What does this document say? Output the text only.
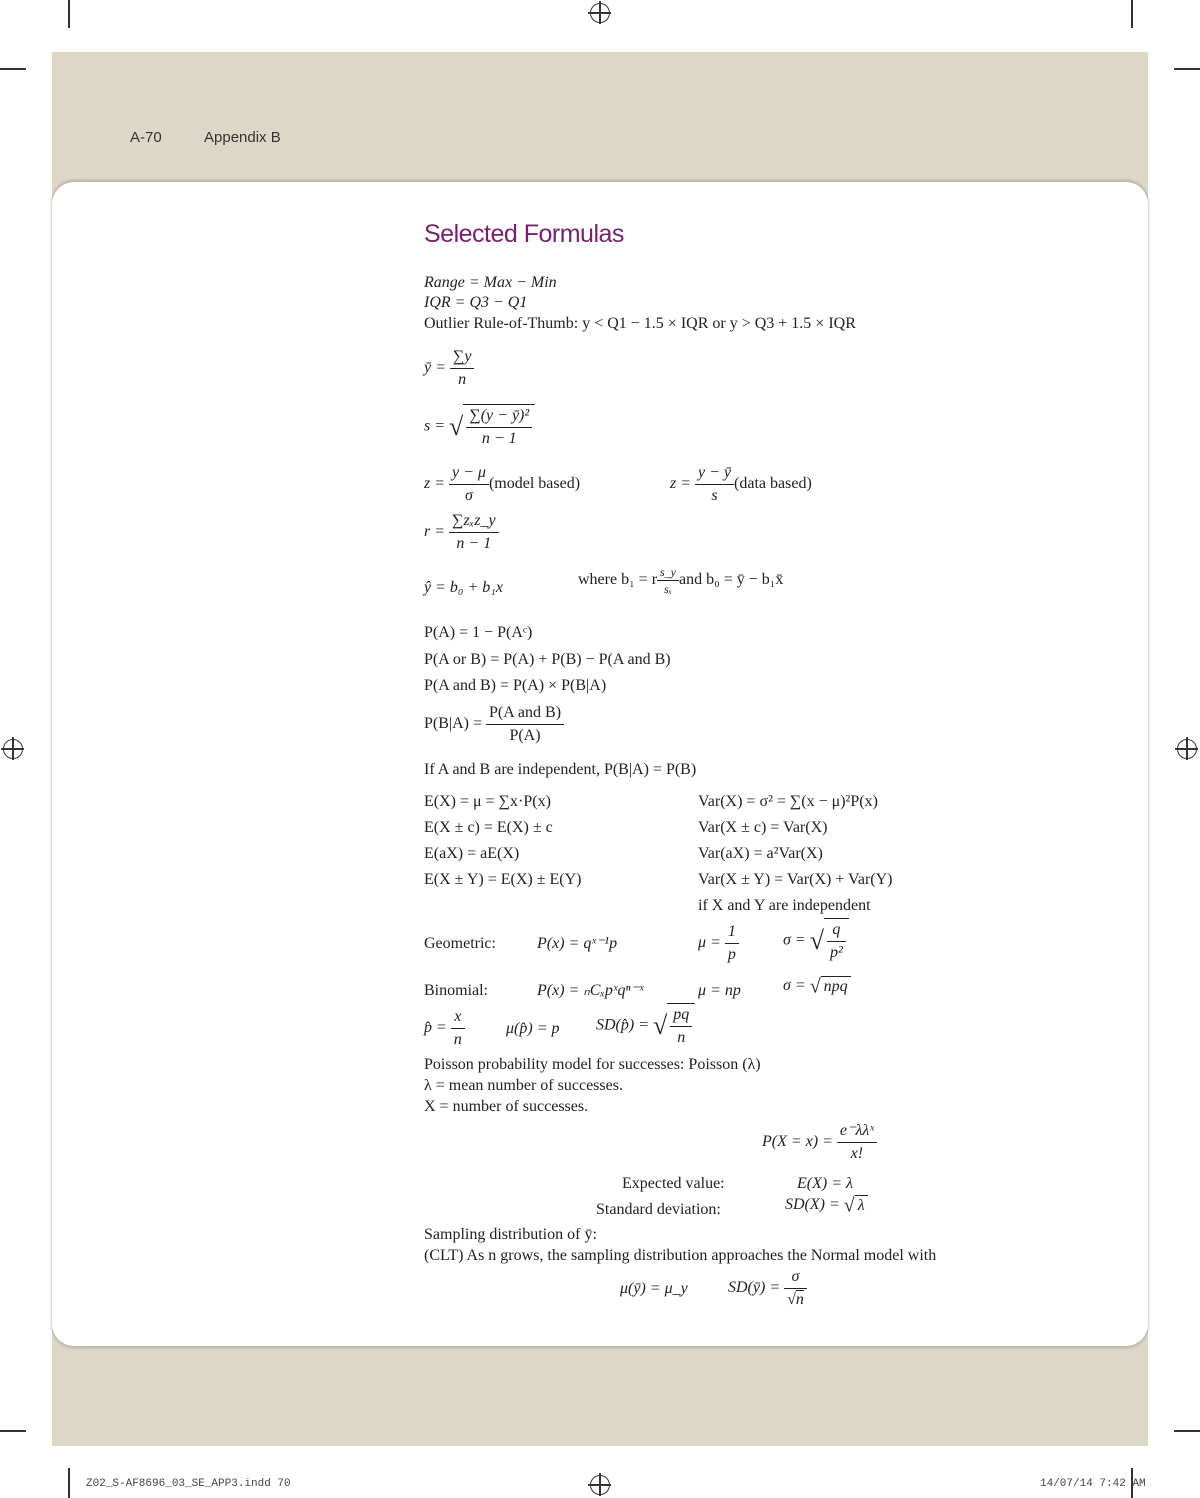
A-70	Appendix B
Selected Formulas
Range = Max − Min
IQR = Q3 − Q1
Outlier Rule-of-Thumb: y < Q1 − 1.5 × IQR or y > Q3 + 1.5 × IQR
ȳ = $\frac{\sum y}{n}$
s = √ $\frac{\text{∑(y − ȳ)²}}{n - 1}$
$z = \frac{y - \mu}{\sigma}$ (model based)	$z = \frac{y - ȳ}{s}$ (data based)
$r = \frac{\text{∑zₓz\_y}}{n - 1}$
ŷ = b₀ + b₁x	where b₁ = r $\frac{s\_y}{\text{sₓ}}$ and b₀ = ȳ − b₁x̄
P(A) = 1 − P(Aᶜ)
P(A or B) = P(A) + P(B) − P(A and B)
P(A and B) = P(A) × P(B|A)
$P(B|A) = \frac{\text{P(A and B)}}{P(A)}$
If A and B are independent, P(B|A) = P(B)
E(X) = μ = ∑x·P(x)	Var(X) = σ² = ∑(x − μ)²P(x)
E(X ± c) = E(X) ± c	Var(X ± c) = Var(X)
E(aX) = aE(X)	Var(aX) = a²Var(X)
E(X ± Y) = E(X) ± E(Y)	Var(X ± Y) = Var(X) + Var(Y)
if X and Y are independent
Geometric:	P(x) = qˣ⁻¹p	$\mu = \frac{1}{p}$	σ = √ $\frac{q}{\text{p²}}$
Binomial:	P(x) = ₙCₓpˣqⁿ⁻ˣ	μ = np	σ = √ npq
p̂ = $\frac{x}{n}$	μ(p̂) = p SD(p̂) = √ $\frac{pq}{n}$
Poisson probability model for successes: Poisson (λ)
λ = mean number of successes.
X = number of successes.
$P(X = x) = \frac{\text{e⁻λλˣ}}{x!}$
Expected value:	E(X) = λ
Standard deviation:	SD(X) = √ λ
Sampling distribution of ȳ:
(CLT) As n grows, the sampling distribution approaches the Normal model with
μ(ȳ) = μ_y	SD(ȳ) = $\frac{\sigma}{√n}$
Z02_S-AF8696_03_SE_APP3.indd 70	14/07/14 7:42 AM
